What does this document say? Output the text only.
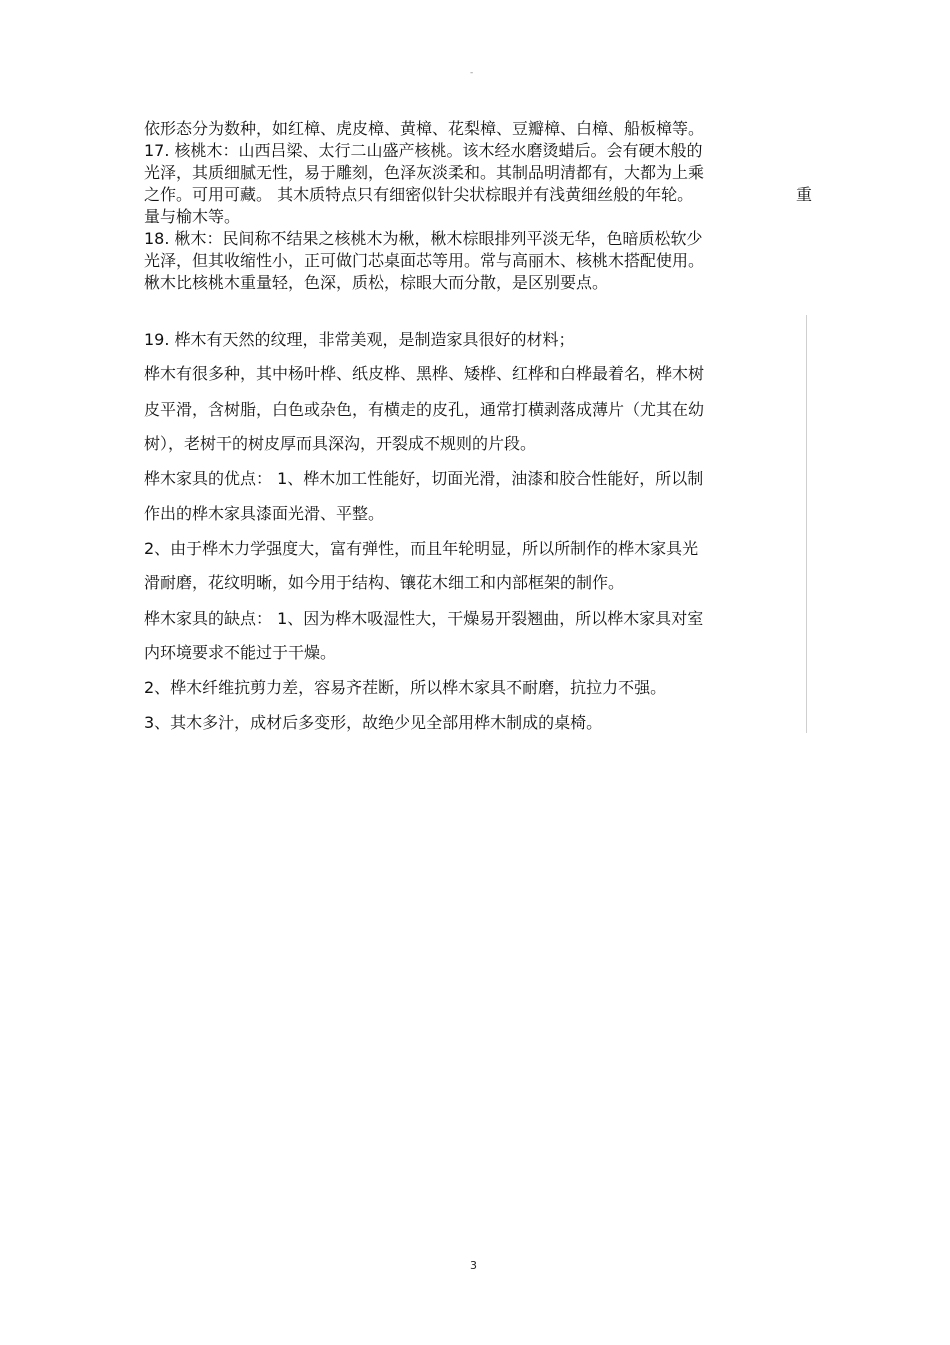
-
依形态分为数种，如红樟、虎皮樟、黄樟、花梨樟、豆瓣樟、白樟、船板樟等。
17. 核桃木：山西吕梁、太行二山盛产核桃。该木经水磨烫蜡后。会有硬木般的
光泽，其质细腻无性，易于雕刻，色泽灰淡柔和。其制品明清都有，大都为上乘
之作。可用可藏。 其木质特点只有细密似针尖状棕眼并有浅黄细丝般的年轮。	重
量与榆木等。
18. 楸木：民间称不结果之核桃木为楸，楸木棕眼排列平淡无华，色暗质松软少
光泽，但其收缩性小，正可做门芯桌面芯等用。常与高丽木、核桃木搭配使用。
楸木比核桃木重量轻，色深，质松，棕眼大而分散，是区别要点。
19. 桦木有天然的纹理，非常美观，是制造家具很好的材料；
桦木有很多种，其中杨叶桦、纸皮桦、黑桦、矮桦、红桦和白桦最着名，桦木树
皮平滑，含树脂，白色或杂色，有横走的皮孔，通常打横剥落成薄片（尤其在幼
树），老树干的树皮厚而具深沟，开裂成不规则的片段。
桦木家具的优点： 1、桦木加工性能好，切面光滑，油漆和胶合性能好，所以制
作出的桦木家具漆面光滑、平整。
2、由于桦木力学强度大，富有弹性，而且年轮明显，所以所制作的桦木家具光
滑耐磨，花纹明晰，如今用于结构、镶花木细工和内部框架的制作。
桦木家具的缺点： 1、因为桦木吸湿性大，干燥易开裂翘曲，所以桦木家具对室
内环境要求不能过于干燥。
2、桦木纤维抗剪力差，容易齐茬断，所以桦木家具不耐磨，抗拉力不强。
3、其木多汁，成材后多变形，故绝少见全部用桦木制成的桌椅。
3
